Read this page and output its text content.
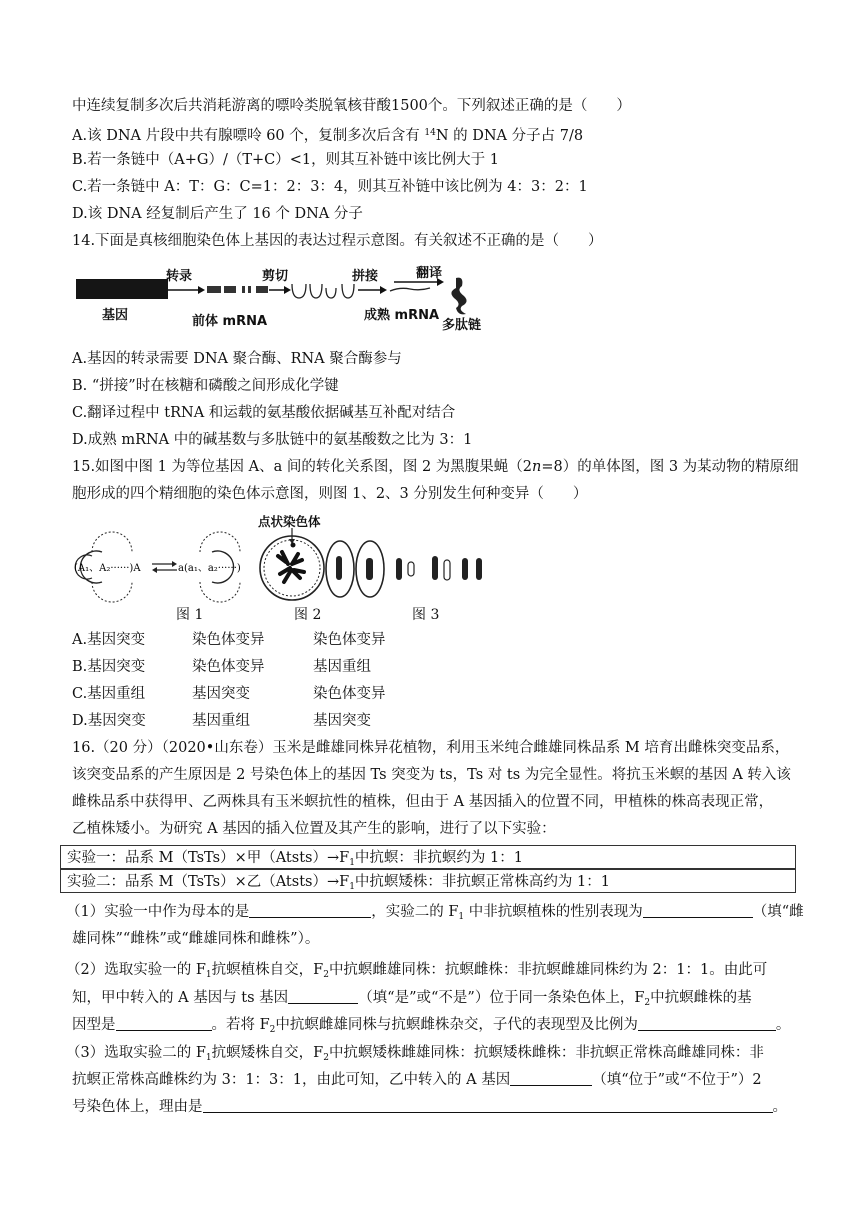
中连续复制多次后共消耗游离的嘌呤类脱氧核苷酸1500个。下列叙述正确的是（　　）
A.该 DNA 片段中共有腺嘌呤 60 个，复制多次后含有 $^{14}$N 的 DNA 分子占 7/8
B.若一条链中（A+G）/（T+C）<1，则其互补链中该比例大于 1
C.若一条链中 A：T：G：C=1：2：3：4，则其互补链中该比例为 4：3：2：1
D.该 DNA 经复制后产生了 16 个 DNA 分子
14.下面是真核细胞染色体上基因的表达过程示意图。有关叙述不正确的是（　　）
转录	剪切	拼接	翻译
基因	前体 mRNA	成熟 mRNA
多肽链
A.基因的转录需要 DNA 聚合酶、RNA 聚合酶参与
B. “拼接”时在核糖和磷酸之间形成化学键
C.翻译过程中 tRNA 和运载的氨基酸依据碱基互补配对结合
D.成熟 mRNA 中的碱基数与多肽链中的氨基酸数之比为 3：1
15.如图中图 1 为等位基因 A、a 间的转化关系图，图 2 为黑腹果蝇（2n=8）的单体图，图 3 为某动物的精原细
胞形成的四个精细胞的染色体示意图，则图 1、2、3 分别发生何种变异（　　）
点状染色体
(A₁、A₂······)A	a(a₁、a₂······)
图 1	图 2	图 3
A.基因突变	染色体变异	染色体变异
B.基因突变	染色体变异	基因重组
C.基因重组	基因突变	染色体变异
D.基因突变	基因重组	基因突变
16.（20 分）（2020•山东卷）玉米是雌雄同株异花植物，利用玉米纯合雌雄同株品系 M 培育出雌株突变品系，
该突变品系的产生原因是 2 号染色体上的基因 Ts 突变为 ts，Ts 对 ts 为完全显性。将抗玉米螟的基因 A 转入该
雌株品系中获得甲、乙两株具有玉米螟抗性的植株，但由于 A 基因插入的位置不同，甲植株的株高表现正常，
乙植株矮小。为研究 A 基因的插入位置及其产生的影响，进行了以下实验：
实验一：品系 M（TsTs）×甲$(Atsts)\to F_1$中抗螟：非抗螟约为 1：1
实验二：品系 M（TsTs）×乙$(Atsts)\to F_1$中抗螟矮株：非抗螟正常株高约为 1：1
（1）实验一中作为母本的是	，实验二的 $F_1$ 中非抗螟植株的性别表现为	（填“雌
雄同株”“雌株”或“雌雄同株和雌株”）。
（2）选取实验一的 $F_1$抗螟植株自交，$F_2$中抗螟雌雄同株：抗螟雌株：非抗螟雌雄同株约为 2：1：1。由此可
知，甲中转入的 A 基因与 ts 基因	（填“是”或“不是”）位于同一条染色体上，$F_2$中抗螟雌株的基
因型是	。若将 $F_2$中抗螟雌雄同株与抗螟雌株杂交，子代的表现型及比例为	。
（3）选取实验二的 $F_1$抗螟矮株自交，$F_2$中抗螟矮株雌雄同株：抗螟矮株雌株：非抗螟正常株高雌雄同株：非
抗螟正常株高雌株约为 3：1：3：1，由此可知，乙中转入的 A 基因	（填“位于”或“不位于”）2
号染色体上，理由是	。
